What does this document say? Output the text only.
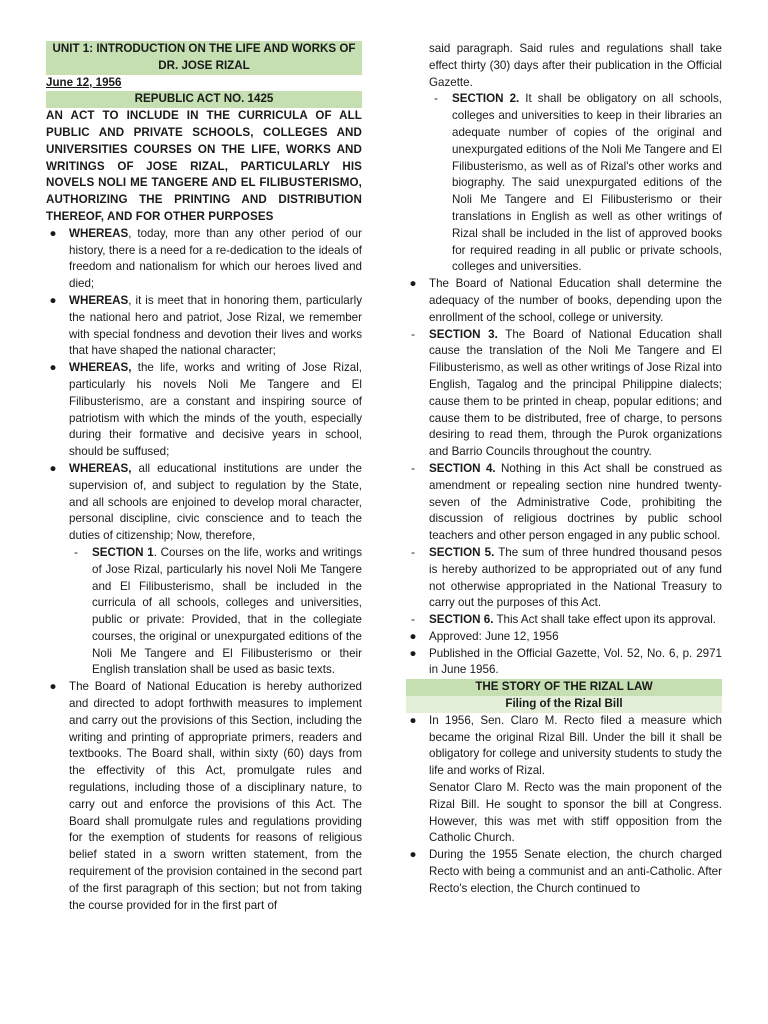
UNIT 1: INTRODUCTION ON THE LIFE AND WORKS OF DR. JOSE RIZAL
June 12, 1956
REPUBLIC ACT NO. 1425
AN ACT TO INCLUDE IN THE CURRICULA OF ALL PUBLIC AND PRIVATE SCHOOLS, COLLEGES AND UNIVERSITIES COURSES ON THE LIFE, WORKS AND WRITINGS OF JOSE RIZAL, PARTICULARLY HIS NOVELS NOLI ME TANGERE AND EL FILIBUSTERISMO, AUTHORIZING THE PRINTING AND DISTRIBUTION THEREOF, AND FOR OTHER PURPOSES
●	WHEREAS, today, more than any other period of our history, there is a need for a re-dedication to the ideals of freedom and nationalism for which our heroes lived and died;
●	WHEREAS, it is meet that in honoring them, particularly the national hero and patriot, Jose Rizal, we remember with special fondness and devotion their lives and works that have shaped the national character;
●	WHEREAS, the life, works and writing of Jose Rizal, particularly his novels Noli Me Tangere and El Filibusterismo, are a constant and inspiring source of patriotism with which the minds of the youth, especially during their formative and decisive years in school, should be suffused;
●	WHEREAS, all educational institutions are under the supervision of, and subject to regulation by the State, and all schools are enjoined to develop moral character, personal discipline, civic conscience and to teach the duties of citizenship; Now, therefore,
-	SECTION 1. Courses on the life, works and writings of Jose Rizal, particularly his novel Noli Me Tangere and El Filibusterismo, shall be included in the curricula of all schools, colleges and universities, public or private: Provided, that in the collegiate courses, the original or unexpurgated editions of the Noli Me Tangere and El Filibusterismo or their English translation shall be used as basic texts.
●	The Board of National Education is hereby authorized and directed to adopt forthwith measures to implement and carry out the provisions of this Section, including the writing and printing of appropriate primers, readers and textbooks. The Board shall, within sixty (60) days from the effectivity of this Act, promulgate rules and regulations, including those of a disciplinary nature, to carry out and enforce the provisions of this Act. The Board shall promulgate rules and regulations providing for the exemption of students for reasons of religious belief stated in a sworn written statement, from the requirement of the provision contained in the second part of the first paragraph of this section; but not from taking the course provided for in the first part of
said paragraph. Said rules and regulations shall take effect thirty (30) days after their publication in the Official Gazette.
-	SECTION 2. It shall be obligatory on all schools, colleges and universities to keep in their libraries an adequate number of copies of the original and unexpurgated editions of the Noli Me Tangere and El Filibusterismo, as well as of Rizal's other works and biography. The said unexpurgated editions of the Noli Me Tangere and El Filibusterismo or their translations in English as well as other writings of Rizal shall be included in the list of approved books for required reading in all public or private schools, colleges and universities.
●	The Board of National Education shall determine the adequacy of the number of books, depending upon the enrollment of the school, college or university.
-	SECTION 3. The Board of National Education shall cause the translation of the Noli Me Tangere and El Filibusterismo, as well as other writings of Jose Rizal into English, Tagalog and the principal Philippine dialects; cause them to be printed in cheap, popular editions; and cause them to be distributed, free of charge, to persons desiring to read them, through the Purok organizations and Barrio Councils throughout the country.
-	SECTION 4. Nothing in this Act shall be construed as amendment or repealing section nine hundred twenty-seven of the Administrative Code, prohibiting the discussion of religious doctrines by public school teachers and other person engaged in any public school.
-	SECTION 5. The sum of three hundred thousand pesos is hereby authorized to be appropriated out of any fund not otherwise appropriated in the National Treasury to carry out the purposes of this Act.
-	SECTION 6. This Act shall take effect upon its approval.
●	Approved: June 12, 1956
●	Published in the Official Gazette, Vol. 52, No. 6, p. 2971 in June 1956.
THE STORY OF THE RIZAL LAW
Filing of the Rizal Bill
●	In 1956, Sen. Claro M. Recto filed a measure which became the original Rizal Bill. Under the bill it shall be obligatory for college and university students to study the life and works of Rizal.
Senator Claro M. Recto was the main proponent of the Rizal Bill. He sought to sponsor the bill at Congress. However, this was met with stiff opposition from the Catholic Church.
●	During the 1955 Senate election, the church charged Recto with being a communist and an anti-Catholic. After Recto's election, the Church continued to
